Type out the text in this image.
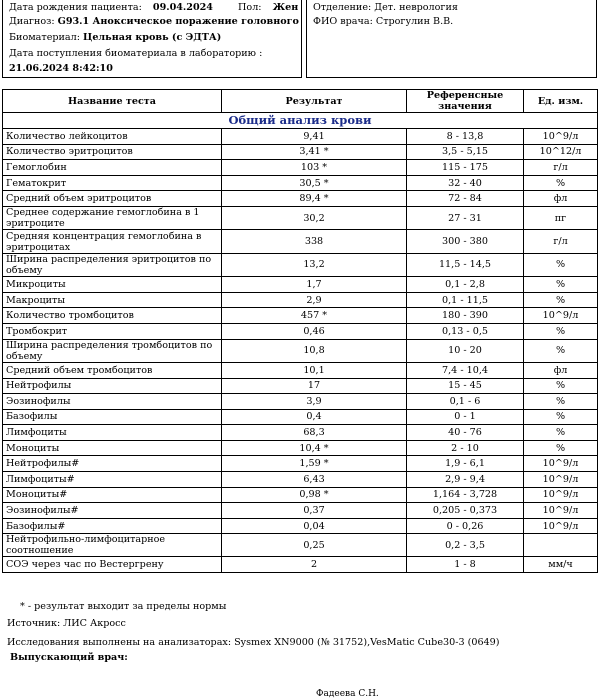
Дата рождения пациента: 09.04.2024	Пол: Жен
Диагноз: G93.1 Аноксическое поражение головного
Биоматериал: Цельная кровь (с ЭДТА)
Дата поступления биоматериала в лабораторию :
21.06.2024 8:42:10
Отделение: Дет. неврология
ФИО врача: Строгулин В.В.
Название теста	Результат	Референсные значения	Ед. изм.
Общий анализ крови			
Количество лейкоцитов	9,41	8 - 13,8	10^9/л
Количество эритроцитов	3,41 *	3,5 - 5,15	10^12/л
Гемоглобин	103 *	115 - 175	г/л
Гематокрит	30,5 *	32 - 40	%
Средний объем эритроцитов	89,4 *	72 - 84	фл
Среднее содержание гемоглобина в 1 эритроците	30,2	27 - 31	пг
Средняя концентрация гемоглобина в эритроцитах	338	300 - 380	г/л
Ширина распределения эритроцитов по объему	13,2	11,5 - 14,5	%
Микроциты	1,7	0,1 - 2,8	%
Макроциты	2,9	0,1 - 11,5	%
Количество тромбоцитов	457 *	180 - 390	10^9/л
Тромбокрит	0,46	0,13 - 0,5	%
Ширина распределения тромбоцитов по объему	10,8	10 - 20	%
Средний объем тромбоцитов	10,1	7,4 - 10,4	фл
Нейтрофилы	17	15 - 45	%
Эозинофилы	3,9	0,1 - 6	%
Базофилы	0,4	0 - 1	%
Лимфоциты	68,3	40 - 76	%
Моноциты	10,4 *	2 - 10	%
Нейтрофилы#	1,59 *	1,9 - 6,1	10^9/л
Лимфоциты#	6,43	2,9 - 9,4	10^9/л
Моноциты#	0,98 *	1,164 - 3,728	10^9/л
Эозинофилы#	0,37	0,205 - 0,373	10^9/л
Базофилы#	0,04	0 - 0,26	10^9/л
Нейтрофильно-лимфоцитарное соотношение	0,25	0,2 - 3,5	
СОЭ через час по Вестергрену	2	1 - 8	мм/ч
* - результат выходит за пределы нормы
Источник: ЛИС Акросс
Исследования выполнены на анализаторах: Sysmex XN9000 (№ 31752),VesMatic Cube30-3 (0649)
Выпускающий врач:
Фадеева С.Н.
